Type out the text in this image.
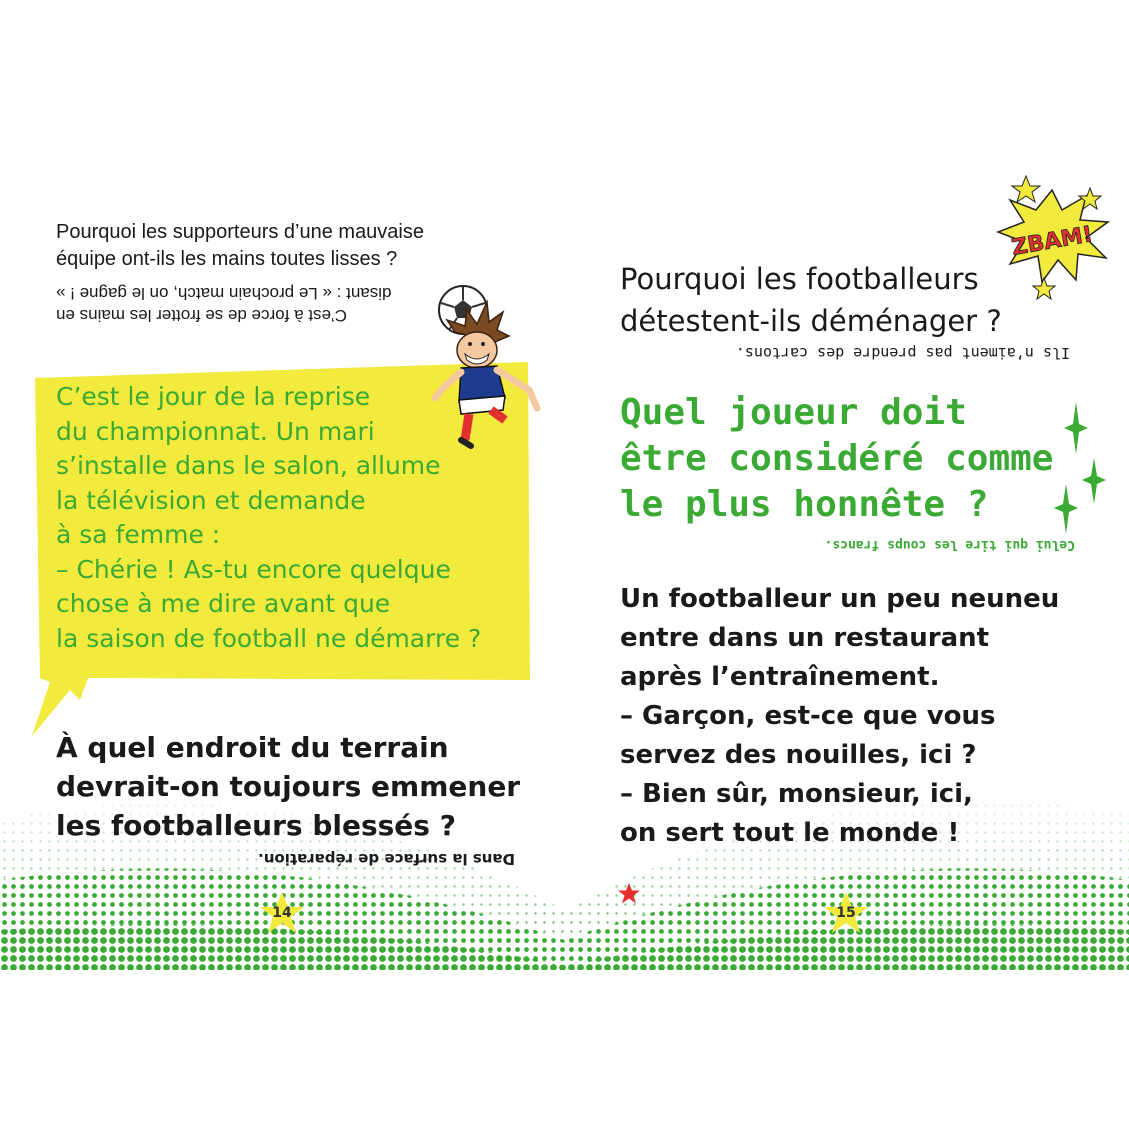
Pourquoi les supporteurs d’une mauvaise
équipe ont-ils les mains toutes lisses ?
C’est à force de se frotter les mains en
disant : « Le prochain match, on le gagne ! »
C’est le jour de la reprise
du championnat. Un mari
s’installe dans le salon, allume
la télévision et demande
à sa femme :
– Chérie ! As-tu encore quelque
chose à me dire avant que
la saison de football ne démarre ?
À quel endroit du terrain
devrait-on toujours emmener
les footballeurs blessés ?
Dans la surface de réparation.
14
ZBAM!
Pourquoi les footballeurs
détestent-ils déménager ?
Ils n’aiment pas prendre des cartons.
Quel joueur doit
être considéré comme
le plus honnête ?
Celui qui tire les coups francs.
Un footballeur un peu neuneu
entre dans un restaurant
après l’entraînement.
– Garçon, est-ce que vous
servez des nouilles, ici ?
– Bien sûr, monsieur, ici,
on sert tout le monde !
15
